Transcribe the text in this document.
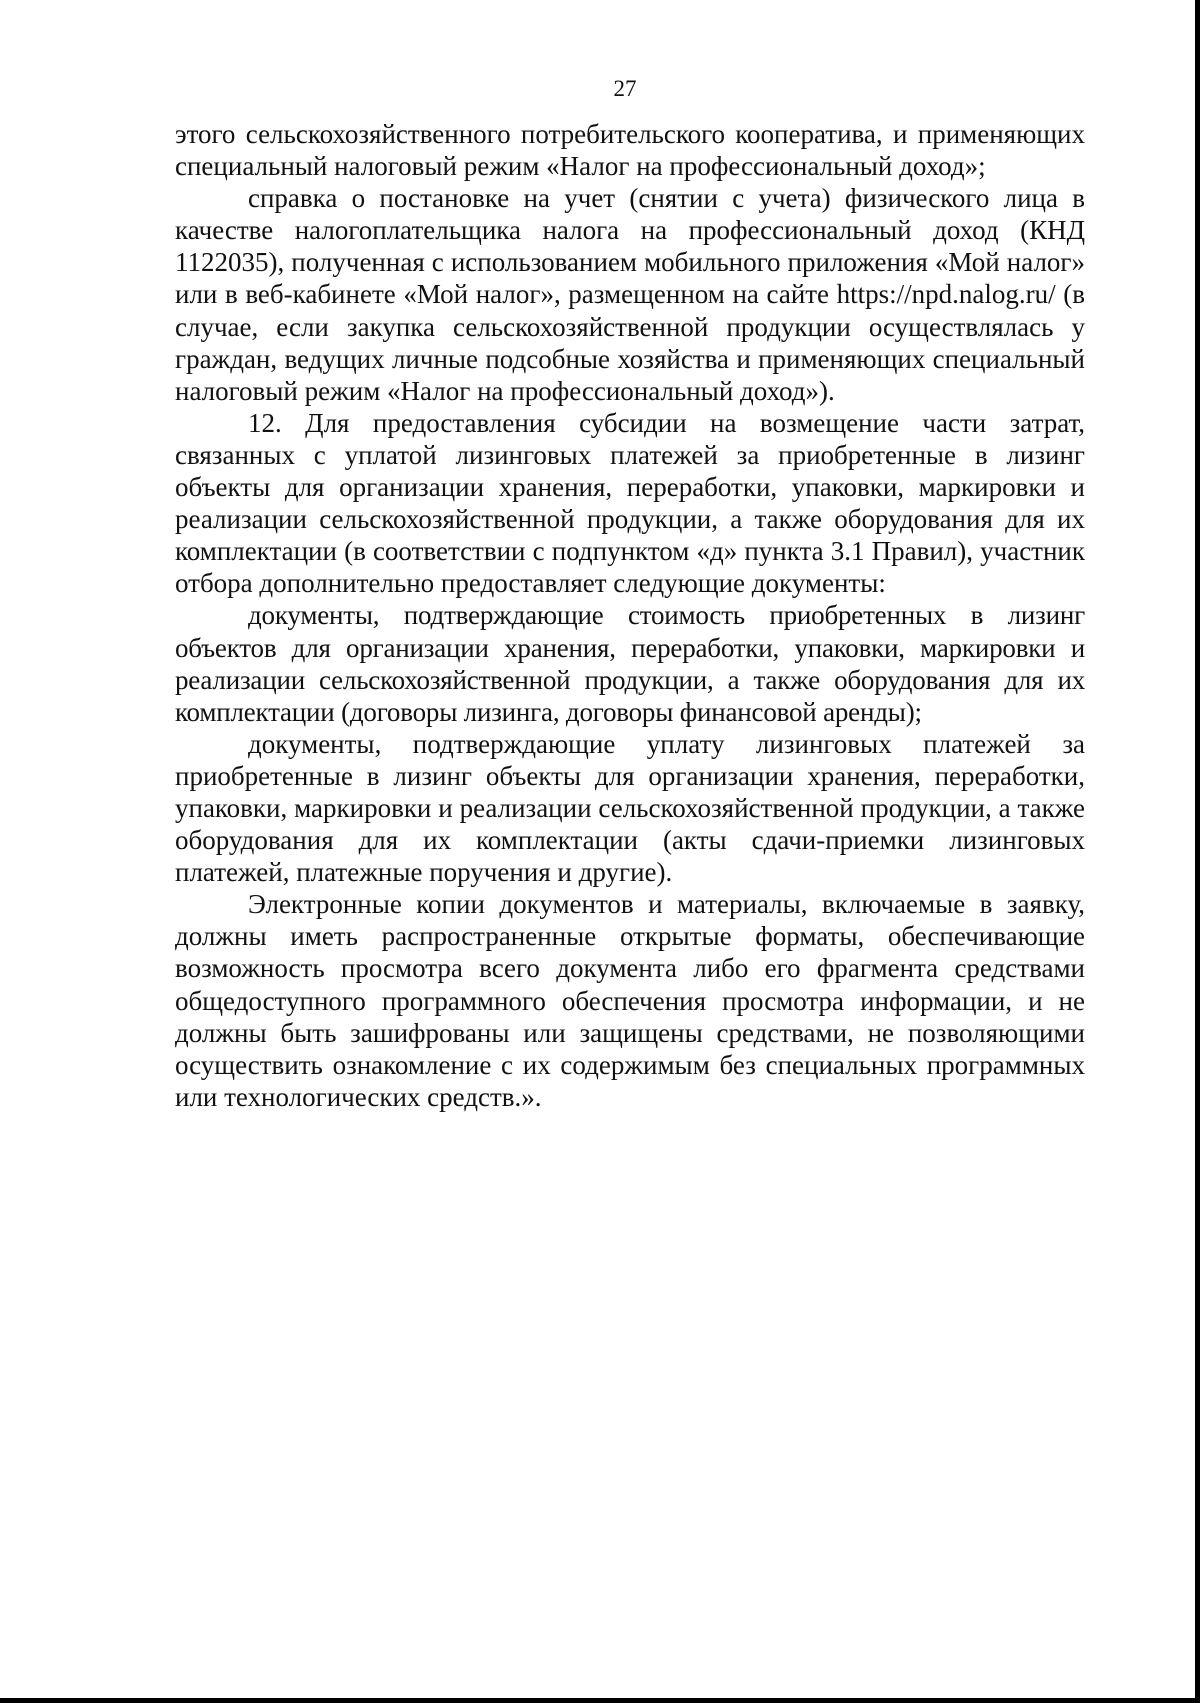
27

этого сельскохозяйственного потребительского кооператива, и применяющих специальный налоговый режим «Налог на профессиональный доход»;

справка о постановке на учет (снятии с учета) физического лица в качестве налогоплательщика налога на профессиональный доход (КНД 1122035), полученная с использованием мобильного приложения «Мой налог» или в веб-кабинете «Мой налог», размещенном на сайте https://npd.nalog.ru/ (в случае, если закупка сельскохозяйственной продукции осуществлялась у граждан, ведущих личные подсобные хозяйства и применяющих специальный налоговый режим «Налог на профессиональный доход»).

12. Для предоставления субсидии на возмещение части затрат, связанных с уплатой лизинговых платежей за приобретенные в лизинг объекты для организации хранения, переработки, упаковки, маркировки и реализации сельскохозяйственной продукции, а также оборудования для их комплектации (в соответствии с подпунктом «д» пункта 3.1 Правил), участник отбора дополнительно предоставляет следующие документы:

документы, подтверждающие стоимость приобретенных в лизинг объектов для организации хранения, переработки, упаковки, маркировки и реализации сельскохозяйственной продукции, а также оборудования для их комплектации (договоры лизинга, договоры финансовой аренды);

документы, подтверждающие уплату лизинговых платежей за приобретенные в лизинг объекты для организации хранения, переработки, упаковки, маркировки и реализации сельскохозяйственной продукции, а также оборудования для их комплектации (акты сдачи-приемки лизинговых платежей, платежные поручения и другие).

Электронные копии документов и материалы, включаемые в заявку, должны иметь распространенные открытые форматы, обеспечивающие возможность просмотра всего документа либо его фрагмента средствами общедоступного программного обеспечения просмотра информации, и не должны быть зашифрованы или защищены средствами, не позволяющими осуществить ознакомление с их содержимым без специальных программных или технологических средств.».
